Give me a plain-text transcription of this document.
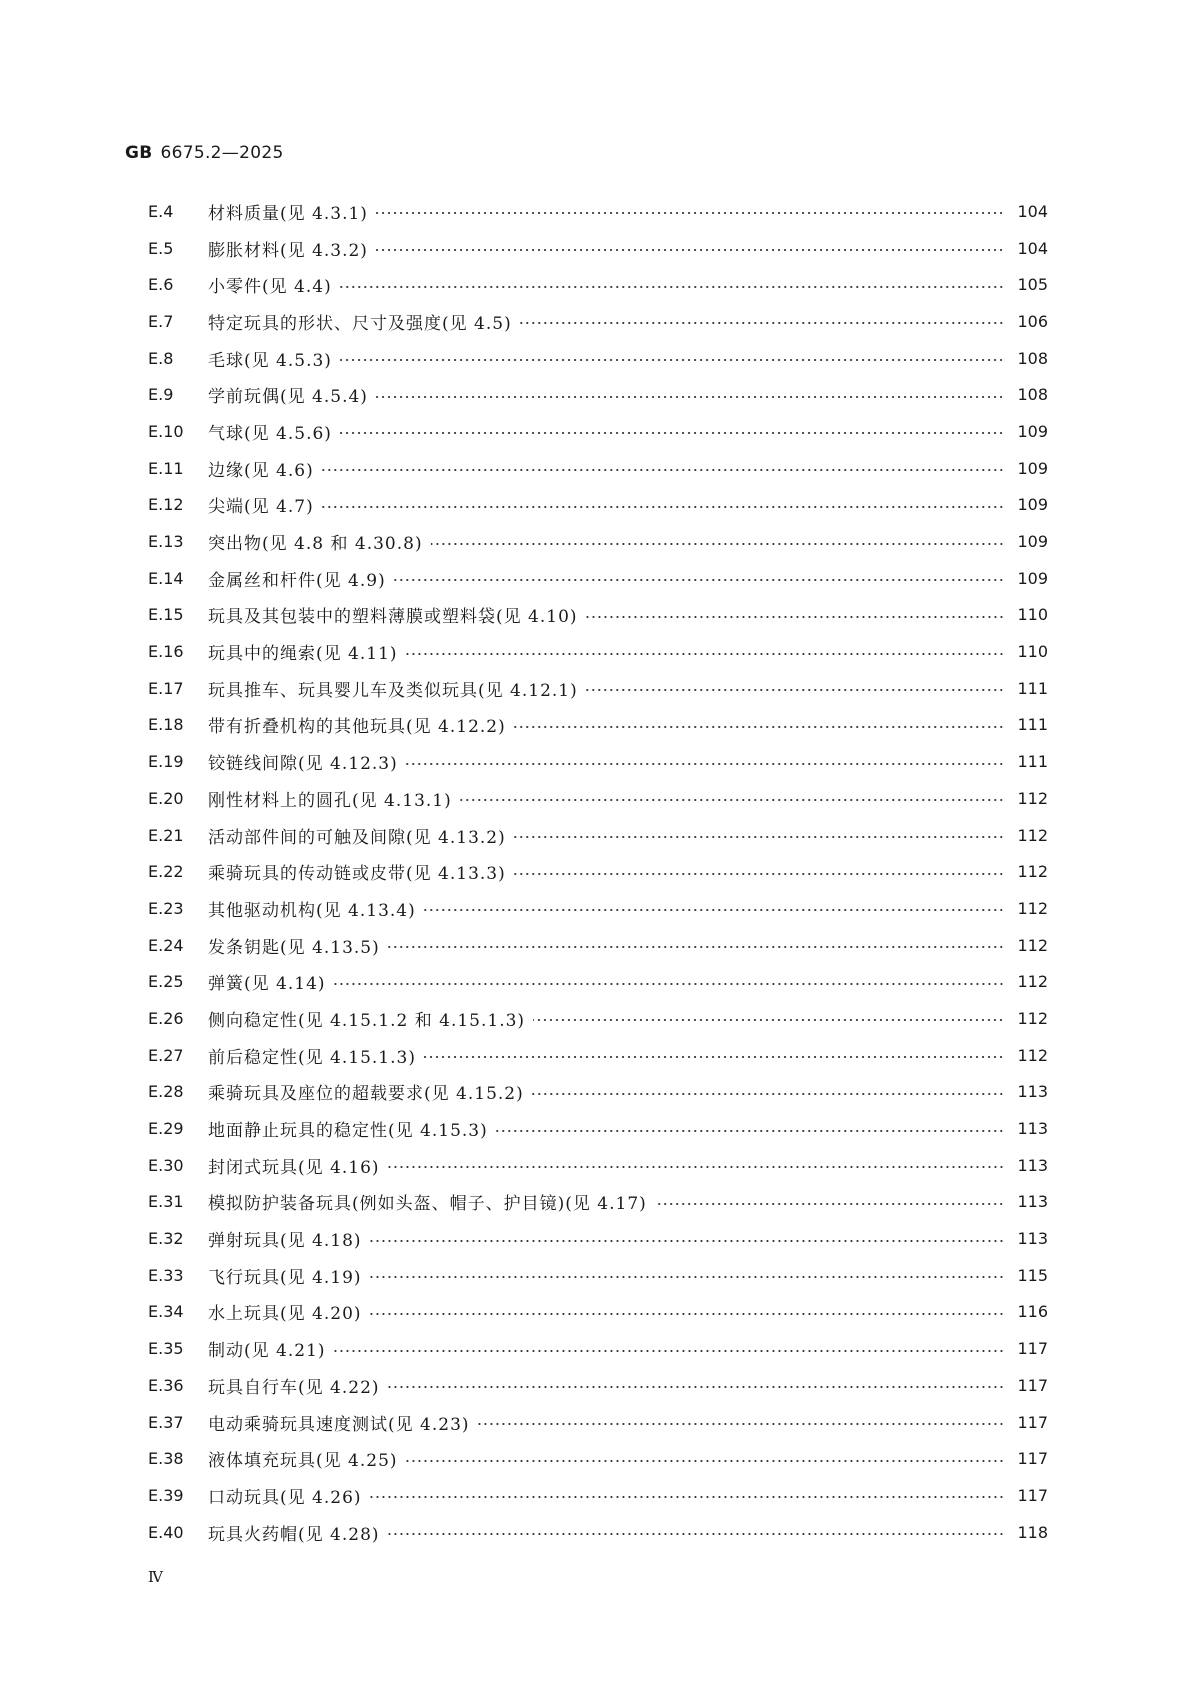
GB 6675.2—2025
E.4	材料质量(见 4.3.1)	104
E.5	膨胀材料(见 4.3.2)	104
E.6	小零件(见 4.4)	105
E.7	特定玩具的形状、尺寸及强度(见 4.5)	106
E.8	毛球(见 4.5.3)	108
E.9	学前玩偶(见 4.5.4)	108
E.10	气球(见 4.5.6)	109
E.11	边缘(见 4.6)	109
E.12	尖端(见 4.7)	109
E.13	突出物(见 4.8 和 4.30.8)	109
E.14	金属丝和杆件(见 4.9)	109
E.15	玩具及其包装中的塑料薄膜或塑料袋(见 4.10)	110
E.16	玩具中的绳索(见 4.11)	110
E.17	玩具推车、玩具婴儿车及类似玩具(见 4.12.1)	111
E.18	带有折叠机构的其他玩具(见 4.12.2)	111
E.19	铰链线间隙(见 4.12.3)	111
E.20	刚性材料上的圆孔(见 4.13.1)	112
E.21	活动部件间的可触及间隙(见 4.13.2)	112
E.22	乘骑玩具的传动链或皮带(见 4.13.3)	112
E.23	其他驱动机构(见 4.13.4)	112
E.24	发条钥匙(见 4.13.5)	112
E.25	弹簧(见 4.14)	112
E.26	侧向稳定性(见 4.15.1.2 和 4.15.1.3)	112
E.27	前后稳定性(见 4.15.1.3)	112
E.28	乘骑玩具及座位的超载要求(见 4.15.2)	113
E.29	地面静止玩具的稳定性(见 4.15.3)	113
E.30	封闭式玩具(见 4.16)	113
E.31	模拟防护装备玩具(例如头盔、帽子、护目镜)(见 4.17)	113
E.32	弹射玩具(见 4.18)	113
E.33	飞行玩具(见 4.19)	115
E.34	水上玩具(见 4.20)	116
E.35	制动(见 4.21)	117
E.36	玩具自行车(见 4.22)	117
E.37	电动乘骑玩具速度测试(见 4.23)	117
E.38	液体填充玩具(见 4.25)	117
E.39	口动玩具(见 4.26)	117
E.40	玩具火药帽(见 4.28)	118
Ⅳ
